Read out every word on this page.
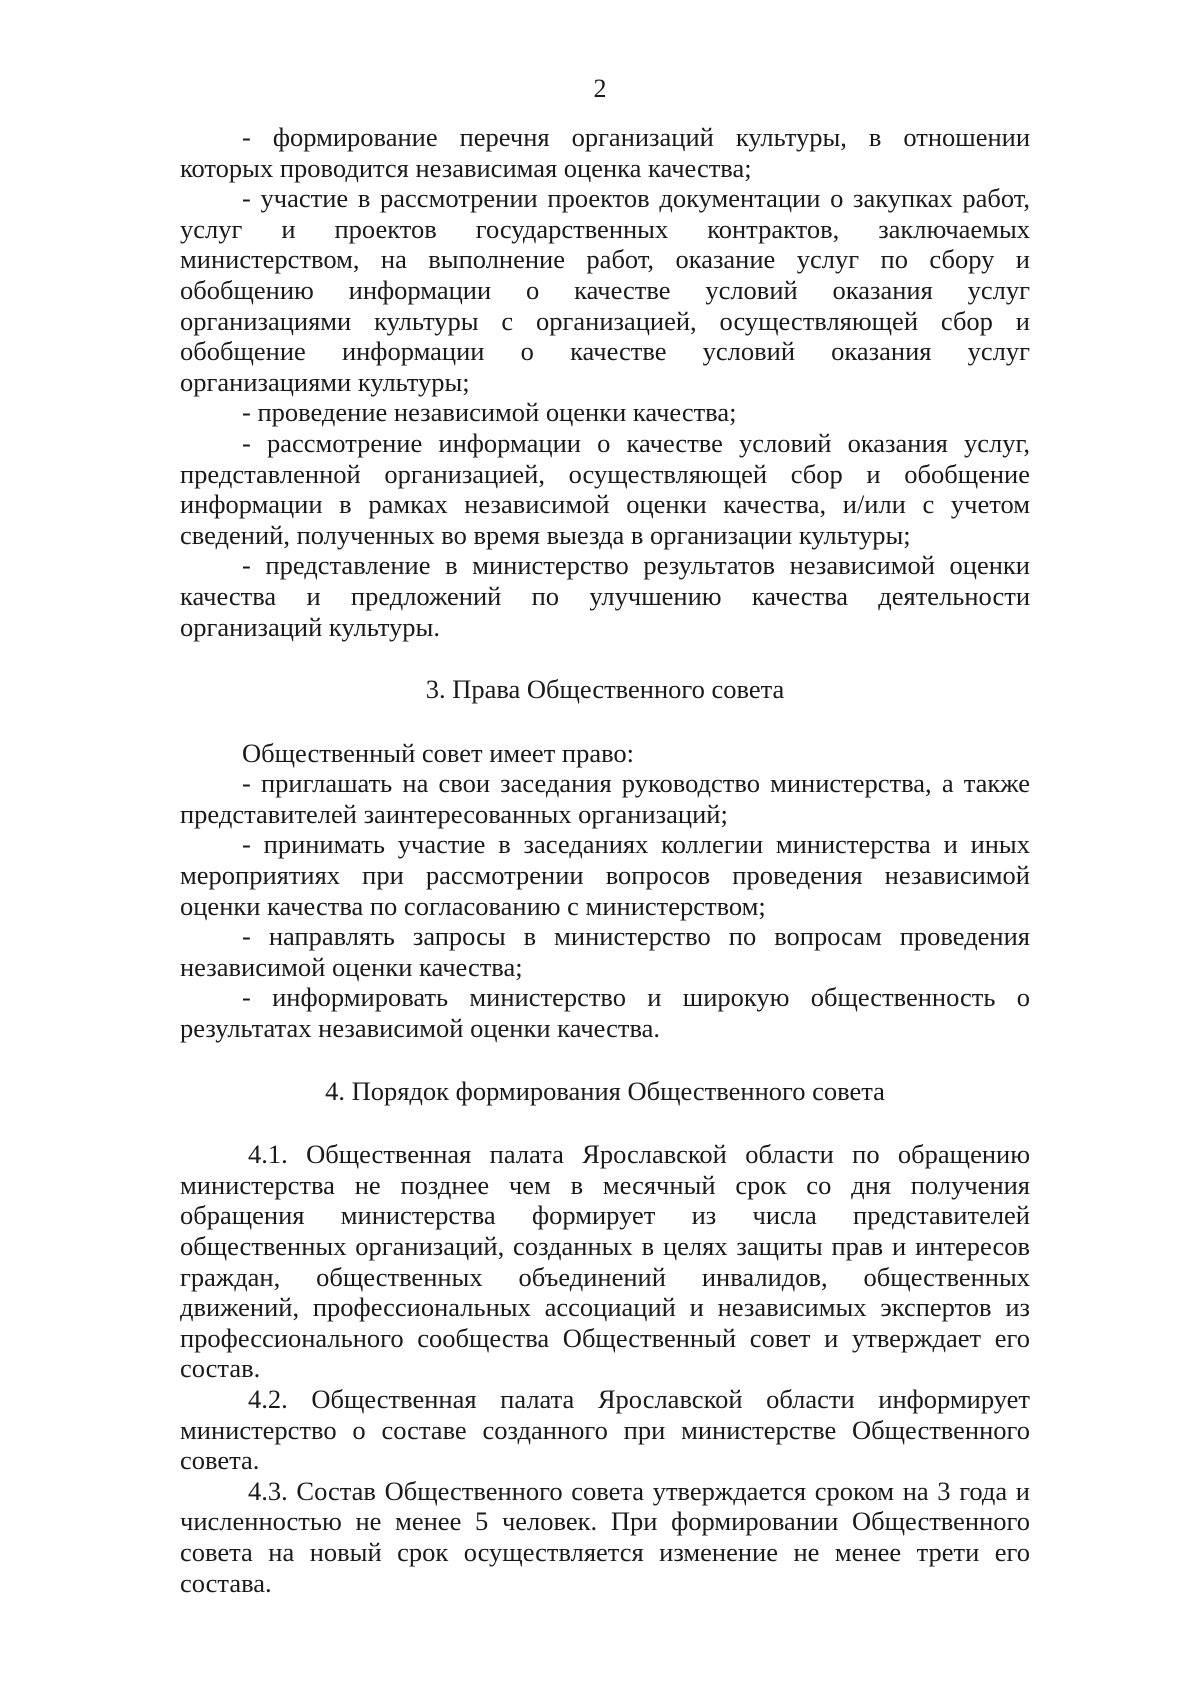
2

- формирование перечня организаций культуры, в отношении которых проводится независимая оценка качества;

- участие в рассмотрении проектов документации о закупках работ, услуг и проектов государственных контрактов, заключаемых министерством, на выполнение работ, оказание услуг по сбору и обобщению информации о качестве условий оказания услуг организациями культуры с организацией, осуществляющей сбор и обобщение информации о качестве условий оказания услуг организациями культуры;

- проведение независимой оценки качества;

- рассмотрение информации о качестве условий оказания услуг, представленной организацией, осуществляющей сбор и обобщение информации в рамках независимой оценки качества, и/или с учетом сведений, полученных во время выезда в организации культуры;

- представление в министерство результатов независимой оценки качества и предложений по улучшению качества деятельности организаций культуры.

3. Права Общественного совета

Общественный совет имеет право:

- приглашать на свои заседания руководство министерства, а также представителей заинтересованных организаций;

- принимать участие в заседаниях коллегии министерства и иных мероприятиях при рассмотрении вопросов проведения независимой оценки качества по согласованию с министерством;

- направлять запросы в министерство по вопросам проведения независимой оценки качества;

- информировать министерство и широкую общественность о результатах независимой оценки качества.

4. Порядок формирования Общественного совета

4.1. Общественная палата Ярославской области по обращению министерства не позднее чем в месячный срок со дня получения обращения министерства формирует из числа представителей общественных организаций, созданных в целях защиты прав и интересов граждан, общественных объединений инвалидов, общественных движений, профессиональных ассоциаций и независимых экспертов из профессионального сообщества Общественный совет и утверждает его состав.

4.2. Общественная палата Ярославской области информирует министерство о составе созданного при министерстве Общественного совета.

4.3. Состав Общественного совета утверждается сроком на 3 года и численностью не менее 5 человек. При формировании Общественного совета на новый срок осуществляется изменение не менее трети его состава.
